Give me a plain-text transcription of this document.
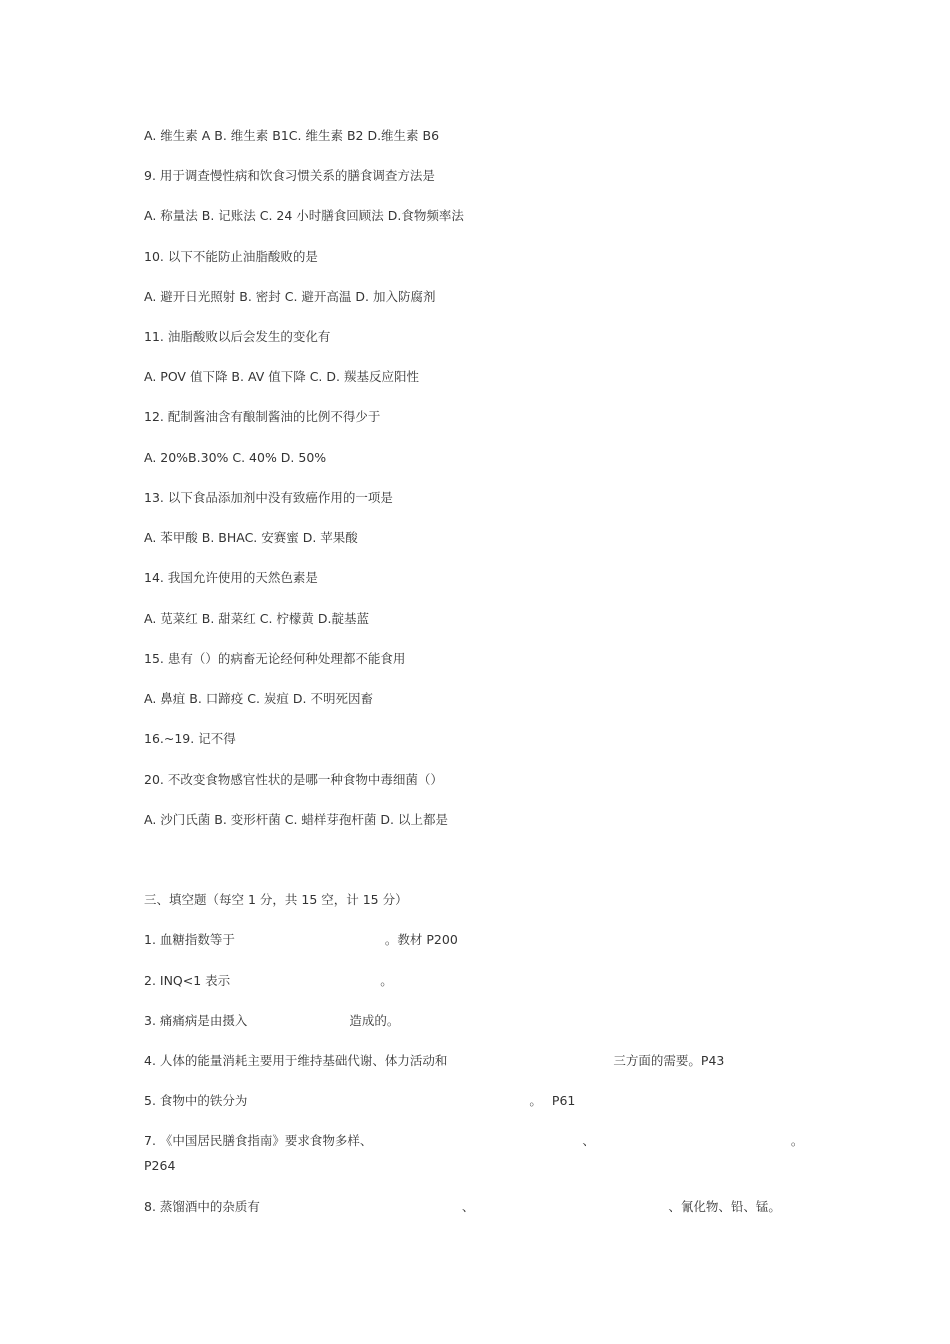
A. 维生素 A B. 维生素 B1C. 维生素 B2 D.维生素 B6
9. 用于调查慢性病和饮食习惯关系的膳食调查方法是
A. 称量法 B. 记账法 C. 24 小时膳食回顾法 D.食物频率法
10. 以下不能防止油脂酸败的是
A. 避开日光照射 B. 密封 C. 避开高温 D. 加入防腐剂
11. 油脂酸败以后会发生的变化有
A. POV 值下降 B. AV 值下降 C. D. 羰基反应阳性
12. 配制酱油含有酿制酱油的比例不得少于
A. 20%B.30% C. 40% D. 50%
13. 以下食品添加剂中没有致癌作用的一项是
A. 苯甲酸 B. BHAC. 安赛蜜 D. 苹果酸
14. 我国允许使用的天然色素是
A. 苋菜红 B. 甜菜红 C. 柠檬黄 D.靛基蓝
15. 患有（）的病畜无论经何种处理都不能食用
A. 鼻疽 B. 口蹄疫 C. 炭疽 D. 不明死因畜
16.~19. 记不得
20. 不改变食物感官性状的是哪一种食物中毒细菌（）
A. 沙门氏菌 B. 变形杆菌 C. 蜡样芽孢杆菌 D. 以上都是
三、填空题（每空 1 分，共 15 空，计 15 分）
1. 血糖指数等于	。教材 P200
2. INQ<1 表示	。
3. 痛痛病是由摄入	造成的。
4. 人体的能量消耗主要用于维持基础代谢、体力活动和	三方面的需要。P43
5. 食物中的铁分为	。 P61
7. 《中国居民膳食指南》要求食物多样、	、	。
P264
8. 蒸馏酒中的杂质有	、	、氰化物、铅、锰。
